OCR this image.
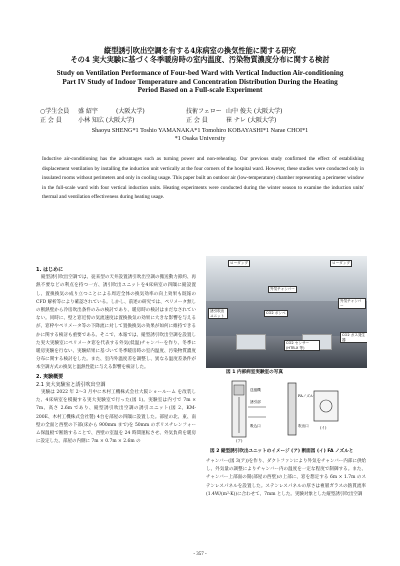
縦型誘引吹出空調を有する4床病室の換気性能に関する研究
その4 実大実験に基づく冬季暖房時の室内温度、汚染物質濃度分布に関する検討
Study on Ventilation Performance of Four-bed Ward with Vertical Induction Air-conditioning
Part IV Study of Indoor Temperature and Concentration Distribution During the Heating
Period Based on a Full-scale Experiment
○学生会員	盛 紹宇	(大阪大学)	技術フェロー 山中 俊夫 (大阪大学)
正 会 員	小林 知広 (大阪大学)	正 会 員	崔 ナレ (大阪大学)
Shaoyu SHENG*1 Toshio YAMANAKA*1 Tomohiro KOBAYASHI*1 Narae CHOI*1
*1 Osaka University
Inductive air-conditioning has the advantages such as turning power and non-reheating. Our previous study confirmed the effect of establishing displacement ventilation by installing the induction unit vertically at the four corners of the hospital ward. However, these studies were conducted only in insulated rooms without perimeters and only in cooling usage. This paper built an outdoor air (low-temperature) chamber representing a perimeter window in the full-scale ward with four vertical induction units. Heating experiments were conducted during the winter season to examine the induction units' thermal and ventilation effectiveness during heating usage.
1. はじめに
縦型誘引吹出空調では、従来型の天井設置誘引吹出空調の搬送動力節約、再熱不要などの利点を持つ一方、誘引吹出ユニットを4床病室の四隅に縦設置し、置換換気の成り立つことによる周辺全体の換気効率の向上効果も既報の CFD 解析等により確認されている。しかし、前述の研究では、ペリメータ無しの断熱壁から冷房吹出条件のみの検討であり、暖房時の検討はまだなされていない。同時に、壁と窓近傍の気流速度は置換換気の効果に大きな影響を与えるが、窓枠やペリメータ等の下降流に対して置換換気の効果が如何に維持できるかに関する検討も重要である。そこで、本報では、縦型誘引吹出空調を設置した実大実験室にペリメータ窓を代表する外気(低温)チャンバーを作り、冬季に暖房実験を行ない、実験結果に基づいて冬季暖房時の室内温度、汚染物質濃度分布に関する検討をした。また、室内外温度差を調整し、異なる温度差条件が本空調方式の換気と温熱性能に与える影響を検討した。
2. 実験概要
2.1 実大実験室と誘引吹出空調
実験は 2022 年 2～3 月中に木村工機株式会社大阪ショールーム を改装した、4床病室を模擬する実大実験室で行った(図 1)。実験室は内寸で 7m × 7m、高さ 2.6m であり、縦型誘引吹出空調の誘引ユニット(図 2、KM-200E、木村工機株式会社製) 4台を部屋の四隅に設置した。部屋の北、東、南壁の全面と西壁の下部(床から 900mm まで)を 50mm のポリスチレンフォーム保温板で断熱することで、西壁の室温を 24 時間運転させ、外気負荷を暖房に設定した。部屋の内側に 7m × 0.7m × 2.6m の
ローダンプ	ローダンプ
外気チャンバー
誘引吹出ユニット
CO2 ボンベ
CO2 ガス発生器
CO2 センサー (HTB-X 等)
外気チャンバー
図 1 内部病室実験室の写真
送風機
誘引部
FAノズル
吸込口	吹出口
(ア)
(イ)
図 2 縦型誘引吹出ユニットのイメージ (ア) 断面図 (イ) FA ノズルと
チャンバー(図 3(ア))を作り、ダクトファンにより外気をチャンバー内部に供給し、外気量の調整によりチャンバー内の温度を一定な程度で制御する。また、チャンバー上部面の開(部屋の西壁)の上部に、窓を想定する 6m × 1.7m のステンレスパネルを設置した。ステンレスパネルの厚さは複層ガラスの熱貫流率(1.4W/(m²·K))に合わせて、7mm とした。実験対象とした縦型誘引吹出空調
- 357 -
